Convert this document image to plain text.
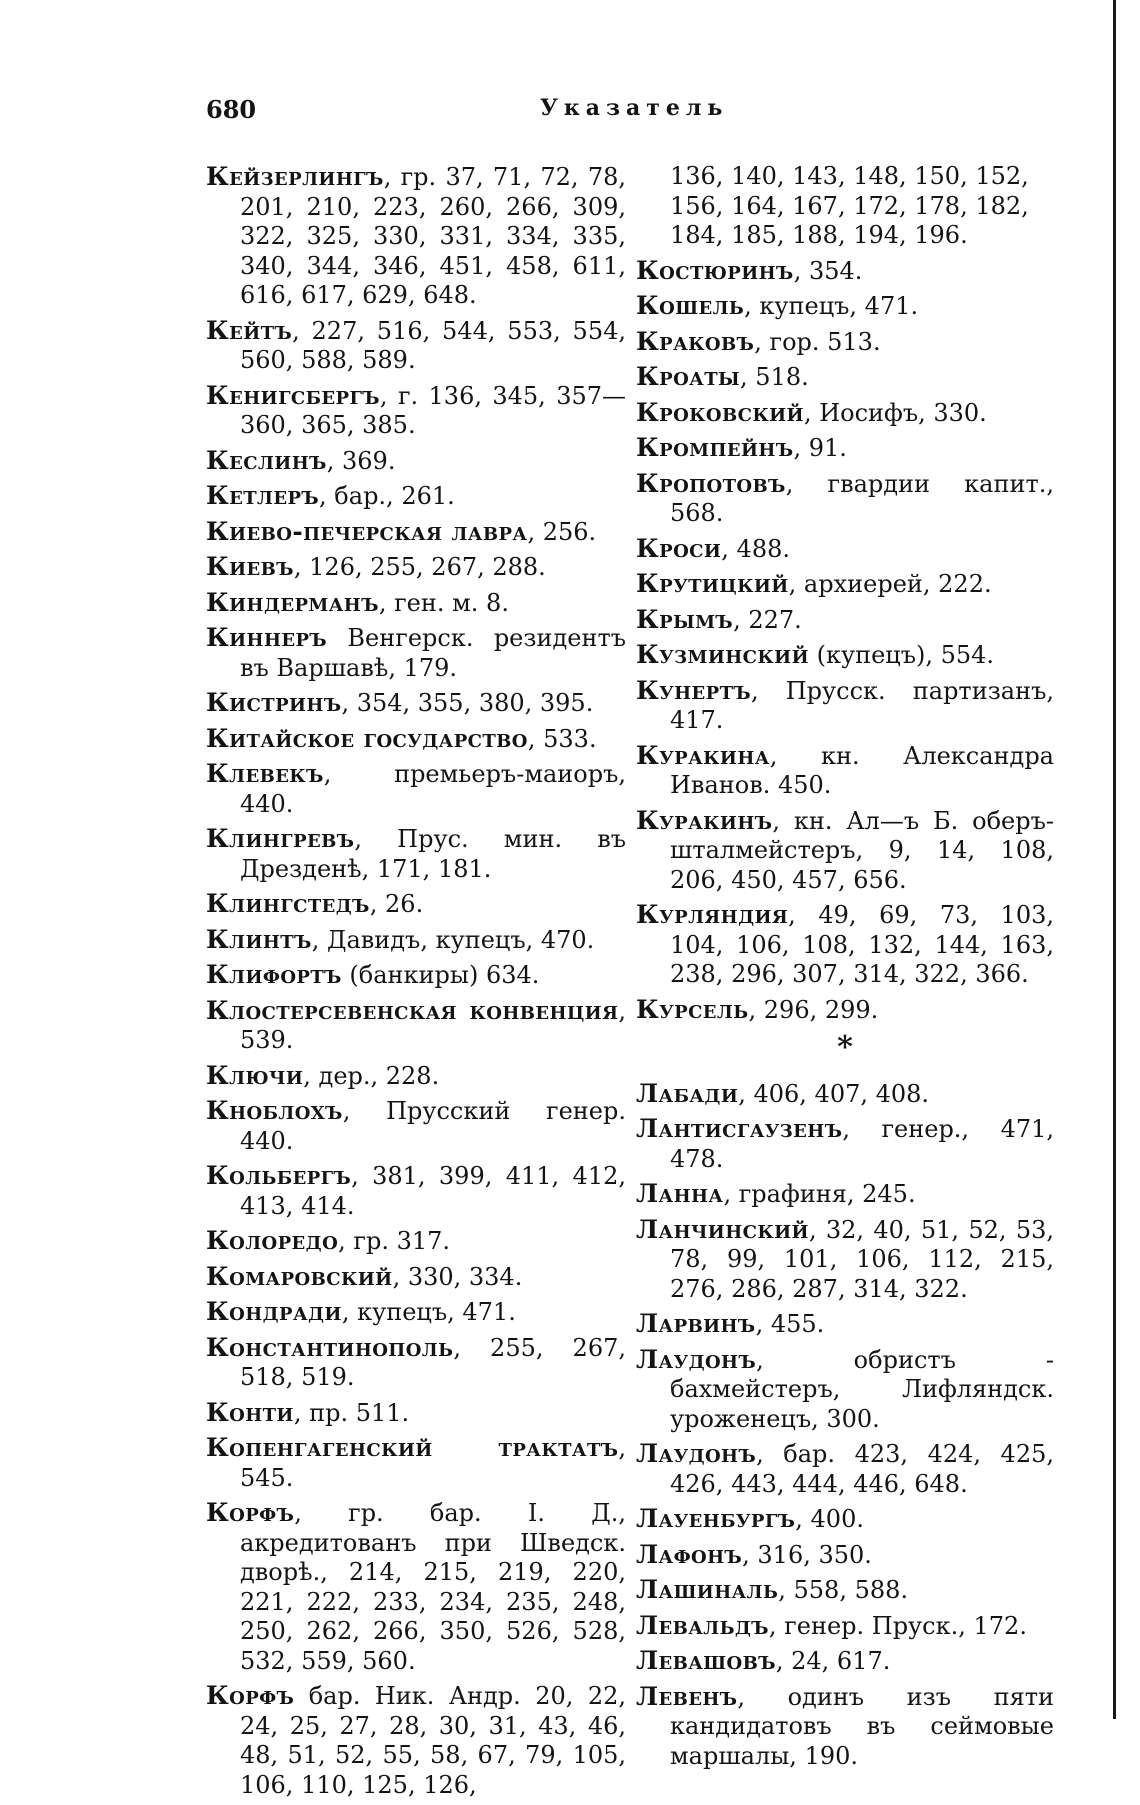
680	Указатель
Кейзерлингъ, гр. 37, 71, 72, 78, 201, 210, 223, 260, 266, 309, 322, 325, 330, 331, 334, 335, 340, 344, 346, 451, 458, 611, 616, 617, 629, 648.
Кейтъ, 227, 516, 544, 553, 554, 560, 588, 589.
Кенигсбергъ, г. 136, 345, 357—360, 365, 385.
Кеслинъ, 369.
Кетлеръ, бар., 261.
Киево-печерская лавра, 256.
Киевъ, 126, 255, 267, 288.
Киндерманъ, ген. м. 8.
Киннеръ Венгерск. резидентъ въ Варшавѣ, 179.
Кистринъ, 354, 355, 380, 395.
Китайское государство, 533.
Клевекъ, премьеръ-маиоръ, 440.
Клингревъ, Прус. мин. въ Дрезденѣ, 171, 181.
Клингстедъ, 26.
Клинтъ, Давидъ, купецъ, 470.
Клифортъ (банкиры) 634.
Клостерсевенская конвенция, 539.
Ключи, дер., 228.
Кноблохъ, Прусский генер. 440.
Кольбергъ, 381, 399, 411, 412, 413, 414.
Колоредо, гр. 317.
Комаровский, 330, 334.
Кондради, купецъ, 471.
Константинополь, 255, 267, 518, 519.
Конти, пр. 511.
Копенгагенский трактатъ, 545.
Корфъ, гр. бар. I. Д., акредитованъ при Шведск. дворѣ., 214, 215, 219, 220, 221, 222, 233, 234, 235, 248, 250, 262, 266, 350, 526, 528, 532, 559, 560.
Корфъ бар. Ник. Андр. 20, 22, 24, 25, 27, 28, 30, 31, 43, 46, 48, 51, 52, 55, 58, 67, 79, 105, 106, 110, 125, 126,
136, 140, 143, 148, 150, 152, 156, 164, 167, 172, 178, 182, 184, 185, 188, 194, 196.
Костюринъ, 354.
Кошель, купецъ, 471.
Краковъ, гор. 513.
Кроаты, 518.
Кроковский, Иосифъ, 330.
Кромпейнъ, 91.
Кропотовъ, гвардии капит., 568.
Кроси, 488.
Крутицкий, архиерей, 222.
Крымъ, 227.
Кузминский (купецъ), 554.
Кунертъ, Прусск. партизанъ, 417.
Куракина, кн. Александра Иванов. 450.
Куракинъ, кн. Ал—ъ Б. оберъ-шталмейстеръ, 9, 14, 108, 206, 450, 457, 656.
Курляндия, 49, 69, 73, 103, 104, 106, 108, 132, 144, 163, 238, 296, 307, 314, 322, 366.
Курсель, 296, 299.
*
Лабади, 406, 407, 408.
Лантисгаузенъ, генер., 471, 478.
Ланна, графиня, 245.
Ланчинский, 32, 40, 51, 52, 53, 78, 99, 101, 106, 112, 215, 276, 286, 287, 314, 322.
Ларвинъ, 455.
Лаудонъ, обристъ - бахмейстеръ, Лифляндск. уроженецъ, 300.
Лаудонъ, бар. 423, 424, 425, 426, 443, 444, 446, 648.
Лауенбургъ, 400.
Лафонъ, 316, 350.
Лашиналь, 558, 588.
Левальдъ, генер. Пруск., 172.
Левашовъ, 24, 617.
Левенъ, одинъ изъ пяти кандидатовъ въ сеймовые маршалы, 190.
